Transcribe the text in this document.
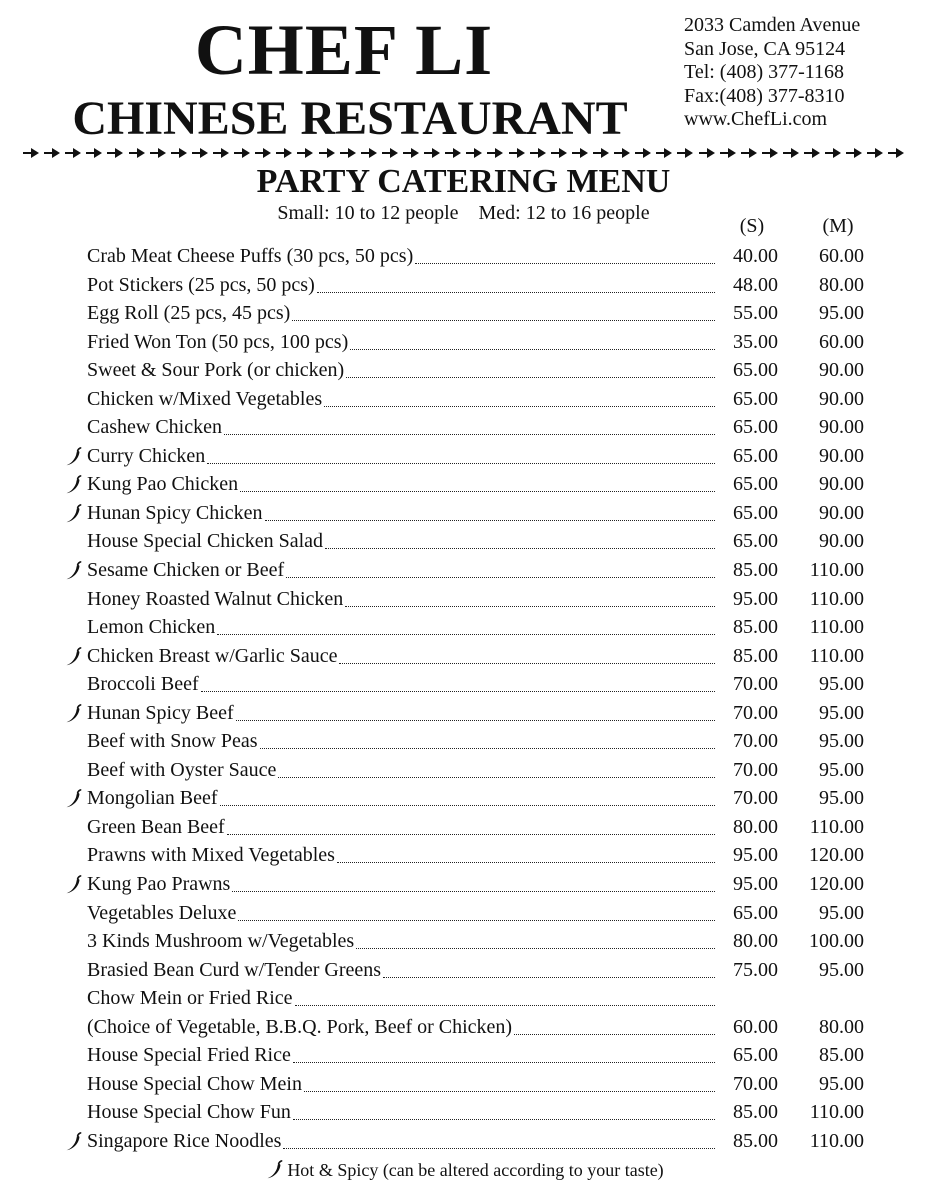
CHEF LI
CHINESE RESTAURANT
2033 Camden Avenue
San Jose, CA 95124
Tel: (408) 377-1168
Fax:(408) 377-8310
www.ChefLi.com
PARTY CATERING MENU
Small: 10 to 12 people    Med: 12 to 16 people
(S)	(M)
Crab Meat Cheese Puffs (30 pcs, 50 pcs)	40.00	60.00
Pot Stickers (25 pcs, 50 pcs)	48.00	80.00
Egg Roll (25 pcs, 45 pcs)	55.00	95.00
Fried Won Ton (50 pcs, 100 pcs)	35.00	60.00
Sweet & Sour Pork (or chicken)	65.00	90.00
Chicken w/Mixed Vegetables	65.00	90.00
Cashew Chicken	65.00	90.00
Curry Chicken	65.00	90.00
Kung Pao Chicken	65.00	90.00
Hunan Spicy Chicken	65.00	90.00
House Special Chicken Salad	65.00	90.00
Sesame Chicken or Beef	85.00	110.00
Honey Roasted Walnut Chicken	95.00	110.00
Lemon Chicken	85.00	110.00
Chicken Breast w/Garlic Sauce	85.00	110.00
Broccoli Beef	70.00	95.00
Hunan Spicy Beef	70.00	95.00
Beef with Snow Peas	70.00	95.00
Beef with Oyster Sauce	70.00	95.00
Mongolian Beef	70.00	95.00
Green Bean Beef	80.00	110.00
Prawns with Mixed Vegetables	95.00	120.00
Kung Pao Prawns	95.00	120.00
Vegetables Deluxe	65.00	95.00
3 Kinds Mushroom w/Vegetables	80.00	100.00
Brasied Bean Curd w/Tender Greens	75.00	95.00
Chow Mein or Fried Rice
(Choice of Vegetable, B.B.Q. Pork, Beef or Chicken)	60.00	80.00
House Special Fried Rice	65.00	85.00
House Special Chow Mein	70.00	95.00
House Special Chow Fun	85.00	110.00
Singapore Rice Noodles	85.00	110.00
Hot & Spicy (can be altered according to your taste)
